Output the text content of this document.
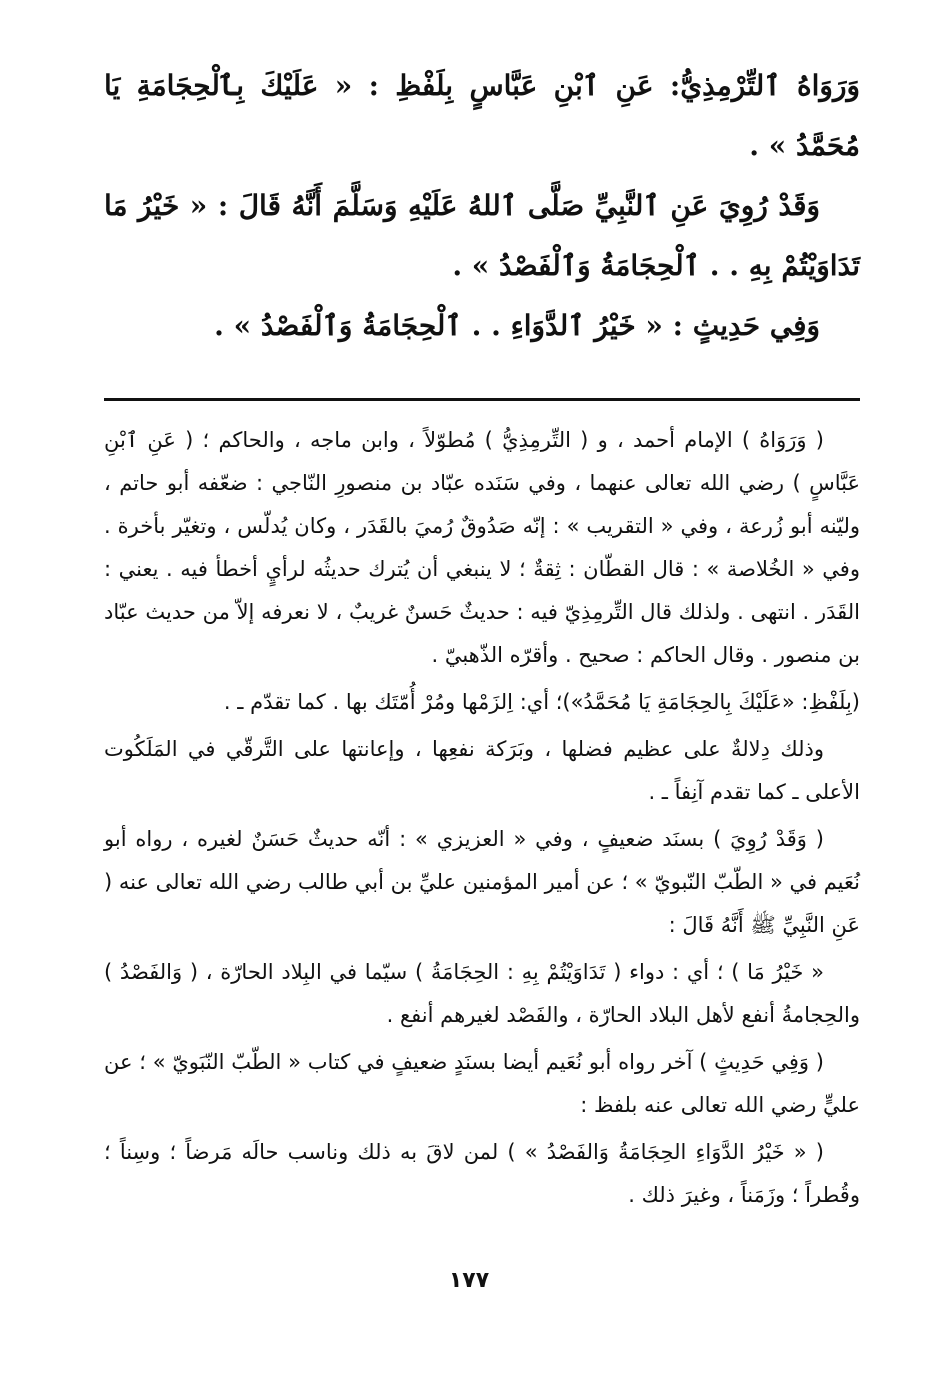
وَرَوَاهُ ٱلتِّرْمِذِيُّ: عَنِ ٱبْنِ عَبَّاسٍ بِلَفْظِ : « عَلَيْكَ بِٱلْحِجَامَةِ يَا مُحَمَّدُ » .

وَقَدْ رُوِيَ عَنِ ٱلنَّبِيِّ صَلَّى ٱللهُ عَلَيْهِ وَسَلَّمَ أَنَّهُ قَالَ : « خَيْرُ مَا تَدَاوَيْتُمْ بِهِ . . ٱلْحِجَامَةُ وَٱلْفَصْدُ » .

وَفِي حَدِيثٍ : « خَيْرُ ٱلدَّوَاءِ . . ٱلْحِجَامَةُ وَٱلْفَصْدُ » .

( وَرَوَاهُ ) الإمام أحمد ، و ( التِّرمِذِيُّ ) مُطوّلاً ، وابن ماجه ، والحاكم ؛ ( عَنِ ٱبْنِ عَبَّاسٍ ) رضي الله تعالى عنهما ، وفي سَنَده عبّاد بن منصورِ النّاجي : ضعّفه أبو حاتم ، وليّنه أبو زُرعة ، وفي « التقريب » : إنّه صَدُوقٌ رُميَ بالقَدَر ، وكان يُدلّس ، وتغيّر بأخرة . وفي « الخُلاصة » : قال القطّان : ثِقةٌ ؛ لا ينبغي أن يُترك حديثُه لرأيٍ أخطأ فيه . يعني : القَدَر . انتهى . ولذلك قال التِّرمِذِيّ فيه : حديثٌ حَسنٌ غريبٌ ، لا نعرفه إلاّ من حديث عبّاد بن منصور . وقال الحاكم : صحيح . وأقرّه الذّهبيّ .

(بِلَفْظِ: «عَلَيْكَ بِالحِجَامَةِ يَا مُحَمَّدُ»)؛ أي: اِلزَمْها ومُرْ أُمّتَك بها . كما تقدّم ـ .

وذلك دِلالةٌ على عظيم فضلها ، وبَرَكة نفعِها ، وإعانتها على التَّرقّي في المَلَكُوت الأعلى ـ كما تقدم آنِفاً ـ .

( وَقَدْ رُوِيَ ) بسنَد ضعيفٍ ، وفي « العزيزي » : أنّه حديثٌ حَسَنٌ لغيره ، رواه أبو نُعَيم في « الطّبّ النّبويّ » ؛ عن أمير المؤمنين عليِّ بن أبي طالب رضي الله تعالى عنه ( عَنِ النَّبِيِّ ﷺ أَنَّهُ قَالَ :

« خَيْرُ مَا ) ؛ أي : دواء ( تَدَاوَيْتُمْ بِهِ : الحِجَامَةُ ) سيّما في البِلاد الحارّة ، ( وَالفَصْدُ ) والحِجامةُ أنفع لأهل البلاد الحارّة ، والفَصْد لغيرهم أنفع .

( وَفِي حَدِيثٍ ) آخر رواه أبو نُعَيم أيضا بسنَدٍ ضعيفٍ في كتاب « الطّبّ النّبَويّ » ؛ عن عليٍّ رضي الله تعالى عنه بلفظ :

( « خَيْرُ الدَّوَاءِ الحِجَامَةُ وَالفَصْدُ » ) لمن لاقَ به ذلك وناسب حالَه مَرضاً ؛ وسِناً ؛ وقُطراً ؛ وزَمَناً ، وغيرَ ذلك .

١٧٧
